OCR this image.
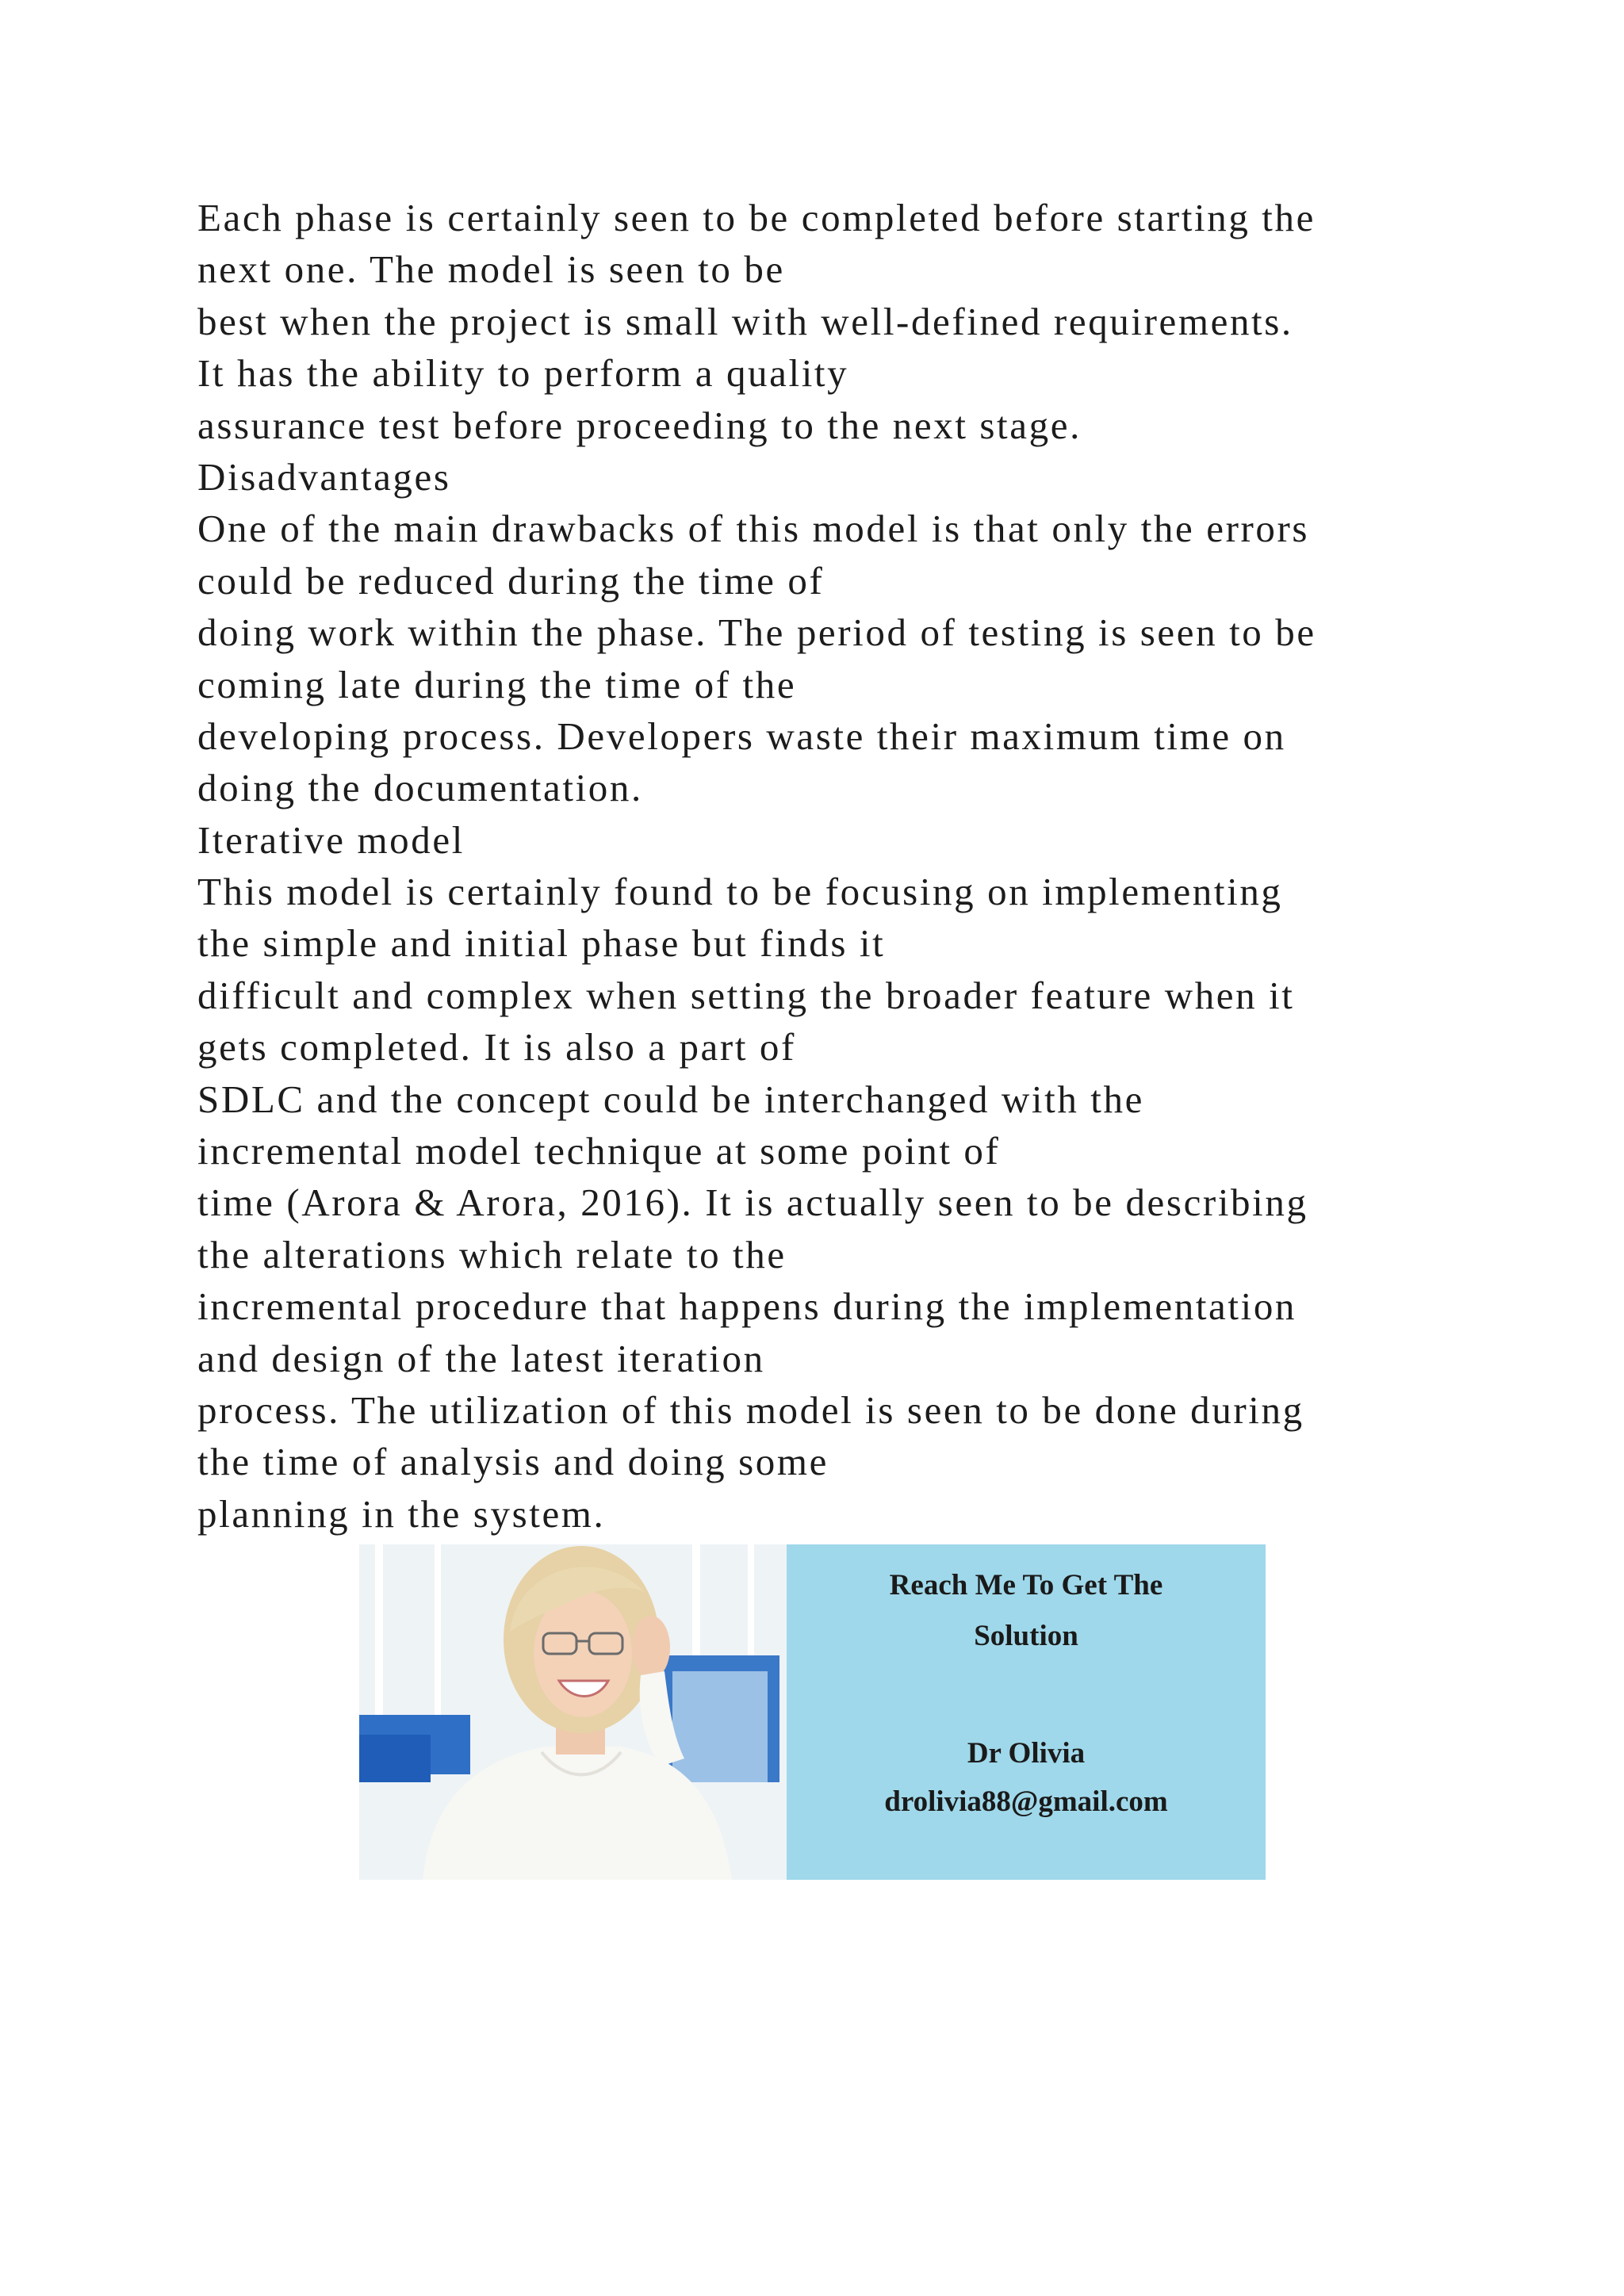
Each phase is certainly seen to be completed before starting the
next one. The model is seen to be
best when the project is small with well-defined requirements.
It has the ability to perform a quality
assurance test before proceeding to the next stage.
Disadvantages
One of the main drawbacks of this model is that only the errors
could be reduced during the time of
doing work within the phase. The period of testing is seen to be
coming late during the time of the
developing process. Developers waste their maximum time on
doing the documentation.
Iterative model
This model is certainly found to be focusing on implementing
the simple and initial phase but finds it
difficult and complex when setting the broader feature when it
gets completed. It is also a part of
SDLC and the concept could be interchanged with the
incremental model technique at some point of
time (Arora & Arora, 2016). It is actually seen to be describing
the alterations which relate to the
incremental procedure that happens during the implementation
and design of the latest iteration
process. The utilization of this model is seen to be done during
the time of analysis and doing some
planning in the system.
Reach Me To Get The
Solution
Dr Olivia
drolivia88@gmail.com
